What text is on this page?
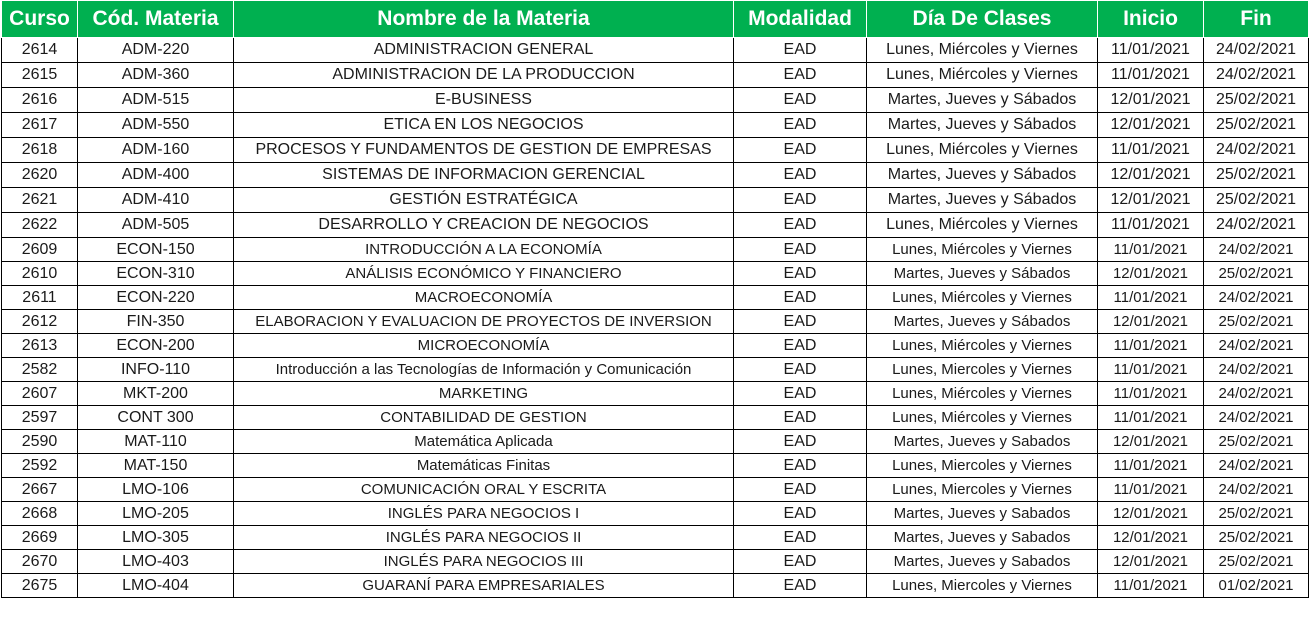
Curso	Cód. Materia	Nombre de la Materia	Modalidad	Día De Clases	Inicio	Fin
2614	ADM-220	ADMINISTRACION GENERAL	EAD	Lunes, Miércoles y Viernes	11/01/2021	24/02/2021
2615	ADM-360	ADMINISTRACION DE LA PRODUCCION	EAD	Lunes, Miércoles y Viernes	11/01/2021	24/02/2021
2616	ADM-515	E-BUSINESS	EAD	Martes, Jueves y Sábados	12/01/2021	25/02/2021
2617	ADM-550	ETICA EN LOS NEGOCIOS	EAD	Martes, Jueves y Sábados	12/01/2021	25/02/2021
2618	ADM-160	PROCESOS Y FUNDAMENTOS DE GESTION DE EMPRESAS	EAD	Lunes, Miércoles y Viernes	11/01/2021	24/02/2021
2620	ADM-400	SISTEMAS DE INFORMACION GERENCIAL	EAD	Martes, Jueves y Sábados	12/01/2021	25/02/2021
2621	ADM-410	GESTIÓN ESTRATÉGICA	EAD	Martes, Jueves y Sábados	12/01/2021	25/02/2021
2622	ADM-505	DESARROLLO Y CREACION DE NEGOCIOS	EAD	Lunes, Miércoles y Viernes	11/01/2021	24/02/2021
2609	ECON-150	INTRODUCCIÓN A LA ECONOMÍA	EAD	Lunes, Miércoles y Viernes	11/01/2021	24/02/2021
2610	ECON-310	ANÁLISIS ECONÓMICO Y FINANCIERO	EAD	Martes, Jueves y Sábados	12/01/2021	25/02/2021
2611	ECON-220	MACROECONOMÍA	EAD	Lunes, Miércoles y Viernes	11/01/2021	24/02/2021
2612	FIN-350	ELABORACION Y EVALUACION DE PROYECTOS DE INVERSION	EAD	Martes, Jueves y Sábados	12/01/2021	25/02/2021
2613	ECON-200	MICROECONOMÍA	EAD	Lunes, Miércoles y Viernes	11/01/2021	24/02/2021
2582	INFO-110	Introducción a las Tecnologías de Información y Comunicación	EAD	Lunes, Miercoles y Viernes	11/01/2021	24/02/2021
2607	MKT-200	MARKETING	EAD	Lunes, Miércoles y Viernes	11/01/2021	24/02/2021
2597	CONT 300	CONTABILIDAD DE GESTION	EAD	Lunes, Miércoles y Viernes	11/01/2021	24/02/2021
2590	MAT-110	Matemática Aplicada	EAD	Martes, Jueves y Sabados	12/01/2021	25/02/2021
2592	MAT-150	Matemáticas Finitas	EAD	Lunes, Miercoles y Viernes	11/01/2021	24/02/2021
2667	LMO-106	COMUNICACIÓN ORAL Y ESCRITA	EAD	Lunes, Miercoles y Viernes	11/01/2021	24/02/2021
2668	LMO-205	INGLÉS PARA NEGOCIOS I	EAD	Martes, Jueves y Sabados	12/01/2021	25/02/2021
2669	LMO-305	INGLÉS PARA NEGOCIOS II	EAD	Martes, Jueves y Sabados	12/01/2021	25/02/2021
2670	LMO-403	INGLÉS PARA NEGOCIOS III	EAD	Martes, Jueves y Sabados	12/01/2021	25/02/2021
2675	LMO-404	GUARANÍ PARA EMPRESARIALES	EAD	Lunes, Miercoles y Viernes	11/01/2021	01/02/2021
